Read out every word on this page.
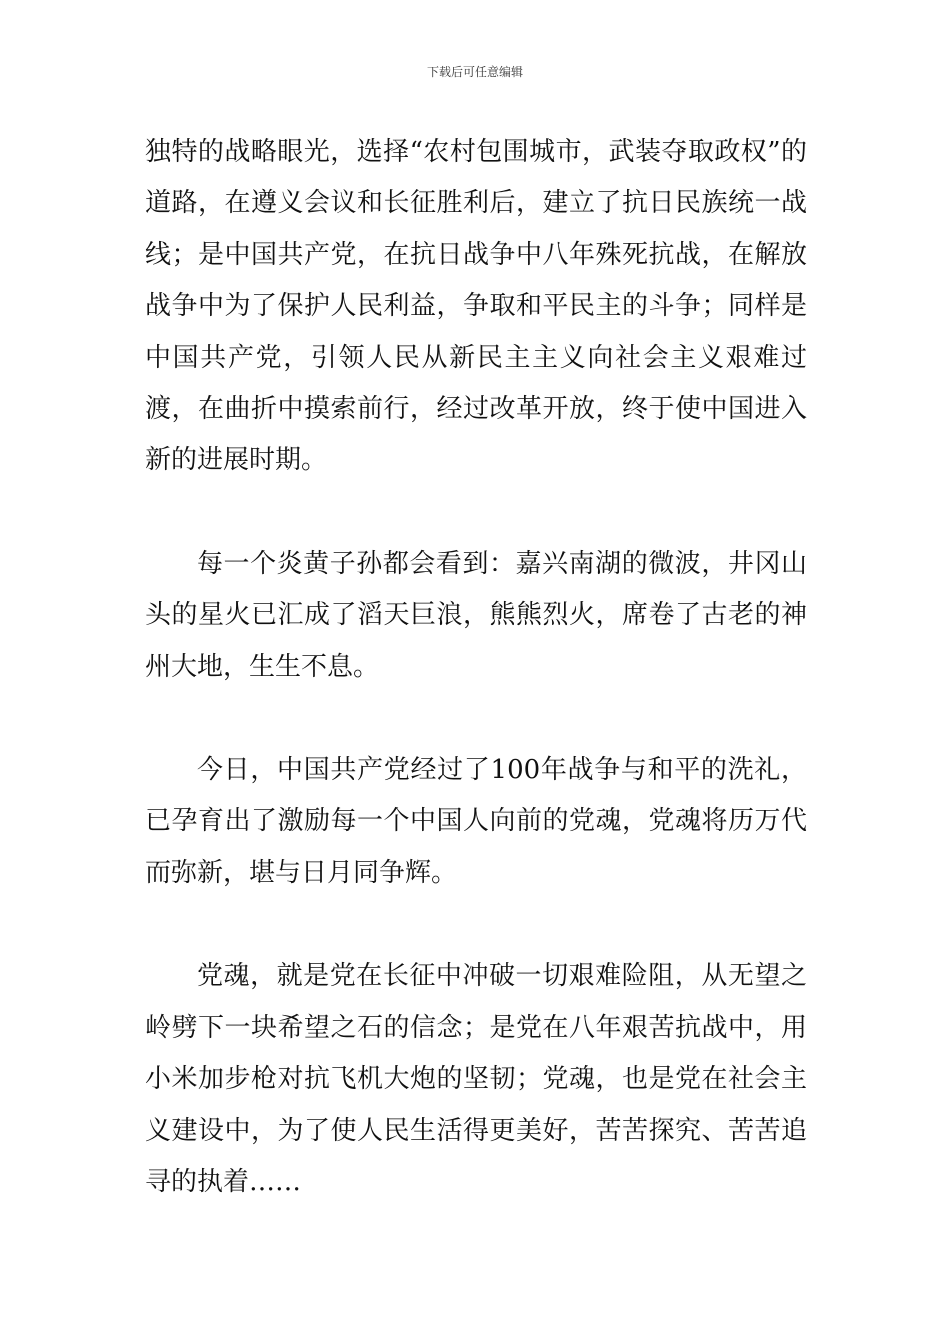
下载后可任意编辑

独特的战略眼光，选择“农村包围城市，武装夺取政权”的道路，在遵义会议和长征胜利后，建立了抗日民族统一战线；是中国共产党，在抗日战争中八年殊死抗战，在解放战争中为了保护人民利益，争取和平民主的斗争；同样是中国共产党，引领人民从新民主主义向社会主义艰难过渡，在曲折中摸索前行，经过改革开放，终于使中国进入新的进展时期。

每一个炎黄子孙都会看到：嘉兴南湖的微波，井冈山头的星火已汇成了滔天巨浪，熊熊烈火，席卷了古老的神州大地，生生不息。

今日，中国共产党经过了100年战争与和平的洗礼，已孕育出了激励每一个中国人向前的党魂，党魂将历万代而弥新，堪与日月同争辉。

党魂，就是党在长征中冲破一切艰难险阻，从无望之岭劈下一块希望之石的信念；是党在八年艰苦抗战中，用小米加步枪对抗飞机大炮的坚韧；党魂，也是党在社会主义建设中，为了使人民生活得更美好，苦苦探究、苦苦追寻的执着……
